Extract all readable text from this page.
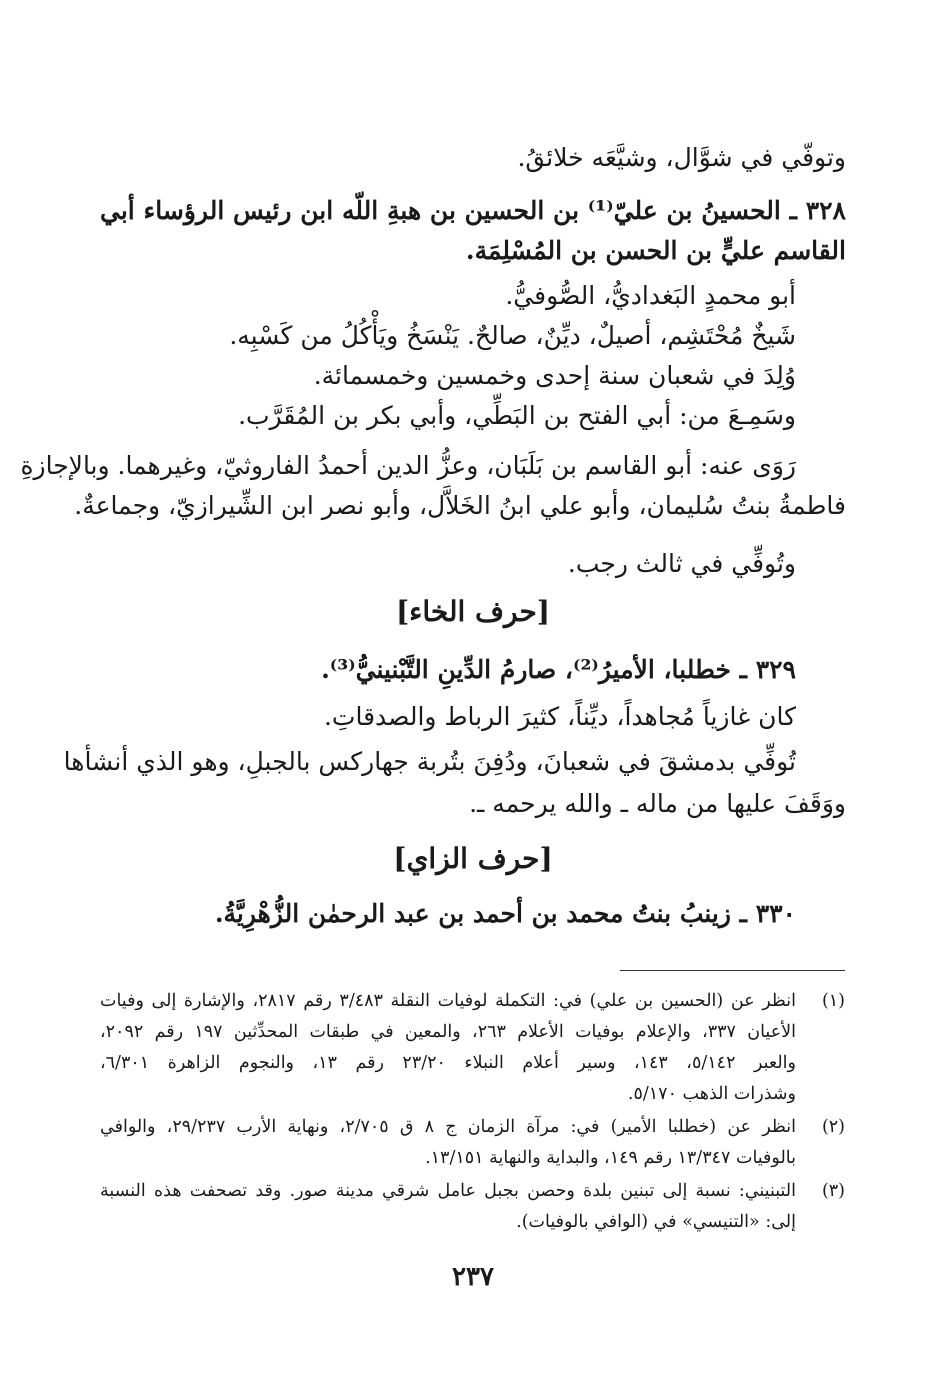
وتوفّي في شوَّال، وشيَّعَه خلائقُ.
٣٢٨ ـ الحسينُ بن عليّ⁽¹⁾ بن الحسين بن هبةِ اللّه ابن رئيس الرؤساء أبي
القاسم عليٍّ بن الحسن بن المُسْلِمَة.
أبو محمدٍ البَغداديُّ، الصُّوفيُّ.
شَيخٌ مُحْتَشِم، أصيلٌ، ديِّنٌ، صالحٌ. يَنْسَخُ ويَأْكُلُ من كَسْبِه.
وُلِدَ في شعبان سنة إحدى وخمسين وخمسمائة.
وسَمِـعَ من: أبي الفتح بن البَطِّي، وأبي بكر بن المُقَرَّب.
رَوَى عنه: أبو القاسم بن بَلَبَان، وعزُّ الدين أحمدُ الفاروثيّ، وغيرهما. وبالإجازةِ
فاطمةُ بنتُ سُليمان، وأبو علي ابنُ الخَلاَّل، وأبو نصر ابن الشِّيرازيّ، وجماعةٌ.
وتُوفِّي في ثالث رجب.
[حرف الخاء]
٣٢٩ ـ خطلبا، الأميرُ⁽²⁾، صارمُ الدِّينِ التَّبْنينيُّ⁽³⁾.
كان غازياً مُجاهداً، ديِّناً، كثيرَ الرباط والصدقاتِ.
تُوفِّي بدمشقَ في شعبانَ، ودُفِنَ بتُربة جهاركس بالجبلِ، وهو الذي أنشأها
ووَقَفَ عليها من ماله ـ والله يرحمه ـ.
[حرف الزاي]
٣٣٠ ـ زينبُ بنتُ محمد بن أحمد بن عبد الرحمٰن الزُّهْرِيَّةُ.
(١)
انظر عن (الحسين بن علي) في: التكملة لوفيات النقلة ٣/٤٨٣ رقم ٢٨١٧، والإشارة إلى وفيات
الأعيان ٣٣٧، والإعلام بوفيات الأعلام ٢٦٣، والمعين في طبقات المحدِّثين ١٩٧ رقم ٢٠٩٢،
والعبر ٥/١٤٢، ١٤٣، وسير أعلام النبلاء ٢٣/٢٠ رقم ١٣، والنجوم الزاهرة ٦/٣٠١،
وشذرات الذهب ٥/١٧٠.
(٢)
انظر عن (خطلبا الأمير) في: مرآة الزمان ج ٨ ق ٢/٧٠٥، ونهاية الأرب ٢٩/٢٣٧، والوافي
بالوفيات ١٣/٣٤٧ رقم ١٤٩، والبداية والنهاية ١٣/١٥١.
(٣)
التبنيني: نسبة إلى تبنين بلدة وحصن بجبل عامل شرقي مدينة صور. وقد تصحفت هذه النسبة
إلى: «التنيسي» في (الوافي بالوفيات).
٢٣٧
